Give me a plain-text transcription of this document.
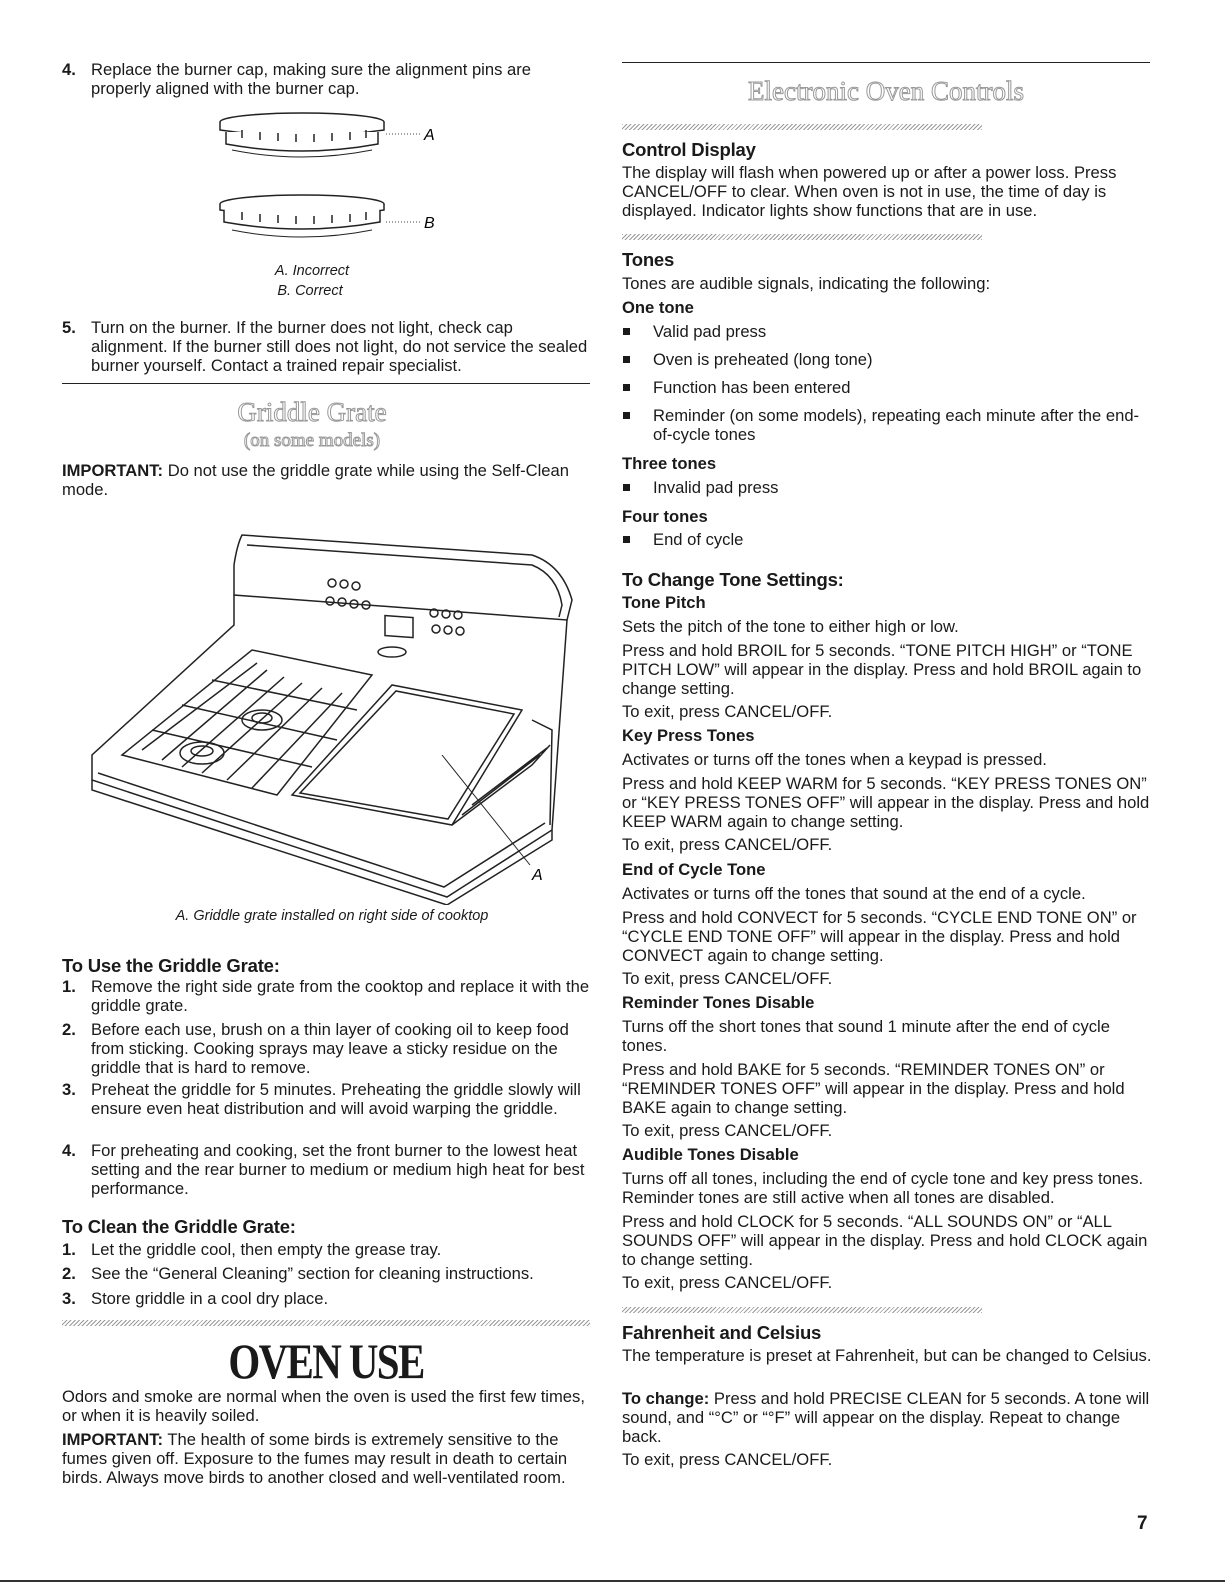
4. Replace the burner cap, making sure the alignment pins are properly aligned with the burner cap.
A
B
A. Incorrect
B. Correct
5. Turn on the burner. If the burner does not light, check cap alignment. If the burner still does not light, do not service the sealed burner yourself. Contact a trained repair specialist.
Griddle Grate
(on some models)

IMPORTANT: Do not use the griddle grate while using the Self-Clean mode.

A
A. Griddle grate installed on right side of cooktop
To Use the Griddle Grate:
1. Remove the right side grate from the cooktop and replace it with the griddle grate.
2. Before each use, brush on a thin layer of cooking oil to keep food from sticking. Cooking sprays may leave a sticky residue on the griddle that is hard to remove.
3. Preheat the griddle for 5 minutes. Preheating the griddle slowly will ensure even heat distribution and will avoid warping the griddle.
4. For preheating and cooking, set the front burner to the lowest heat setting and the rear burner to medium or medium high heat for best performance.
To Clean the Griddle Grate:
1. Let the griddle cool, then empty the grease tray.
2. See the “General Cleaning” section for cleaning instructions.
3. Store griddle in a cool dry place.
OVEN USE

Odors and smoke are normal when the oven is used the first few times, or when it is heavily soiled.

IMPORTANT: The health of some birds is extremely sensitive to the fumes given off. Exposure to the fumes may result in death to certain birds. Always move birds to another closed and well-ventilated room.

Electronic Oven Controls
Control Display

The display will flash when powered up or after a power loss. Press CANCEL/OFF to clear. When oven is not in use, the time of day is displayed. Indicator lights show functions that are in use.

Tones

Tones are audible signals, indicating the following:

One tone
Valid pad press
Oven is preheated (long tone)
Function has been entered
Reminder (on some models), repeating each minute after the end-of-cycle tones
Three tones
Invalid pad press
Four tones
End of cycle
To Change Tone Settings:
Tone Pitch

Sets the pitch of the tone to either high or low.

Press and hold BROIL for 5 seconds. “TONE PITCH HIGH” or “TONE PITCH LOW” will appear in the display. Press and hold BROIL again to change setting.

To exit, press CANCEL/OFF.

Key Press Tones

Activates or turns off the tones when a keypad is pressed.

Press and hold KEEP WARM for 5 seconds. “KEY PRESS TONES ON” or “KEY PRESS TONES OFF” will appear in the display. Press and hold KEEP WARM again to change setting.

To exit, press CANCEL/OFF.

End of Cycle Tone

Activates or turns off the tones that sound at the end of a cycle.

Press and hold CONVECT for 5 seconds. “CYCLE END TONE ON” or “CYCLE END TONE OFF” will appear in the display. Press and hold CONVECT again to change setting.

To exit, press CANCEL/OFF.

Reminder Tones Disable

Turns off the short tones that sound 1 minute after the end of cycle tones.

Press and hold BAKE for 5 seconds. “REMINDER TONES ON” or “REMINDER TONES OFF” will appear in the display. Press and hold BAKE again to change setting.

To exit, press CANCEL/OFF.

Audible Tones Disable

Turns off all tones, including the end of cycle tone and key press tones. Reminder tones are still active when all tones are disabled.

Press and hold CLOCK for 5 seconds. “ALL SOUNDS ON” or “ALL SOUNDS OFF” will appear in the display. Press and hold CLOCK again to change setting.

To exit, press CANCEL/OFF.

Fahrenheit and Celsius

The temperature is preset at Fahrenheit, but can be changed to Celsius.

To change: Press and hold PRECISE CLEAN for 5 seconds. A tone will sound, and “°C” or “°F” will appear on the display. Repeat to change back.

To exit, press CANCEL/OFF.

7
